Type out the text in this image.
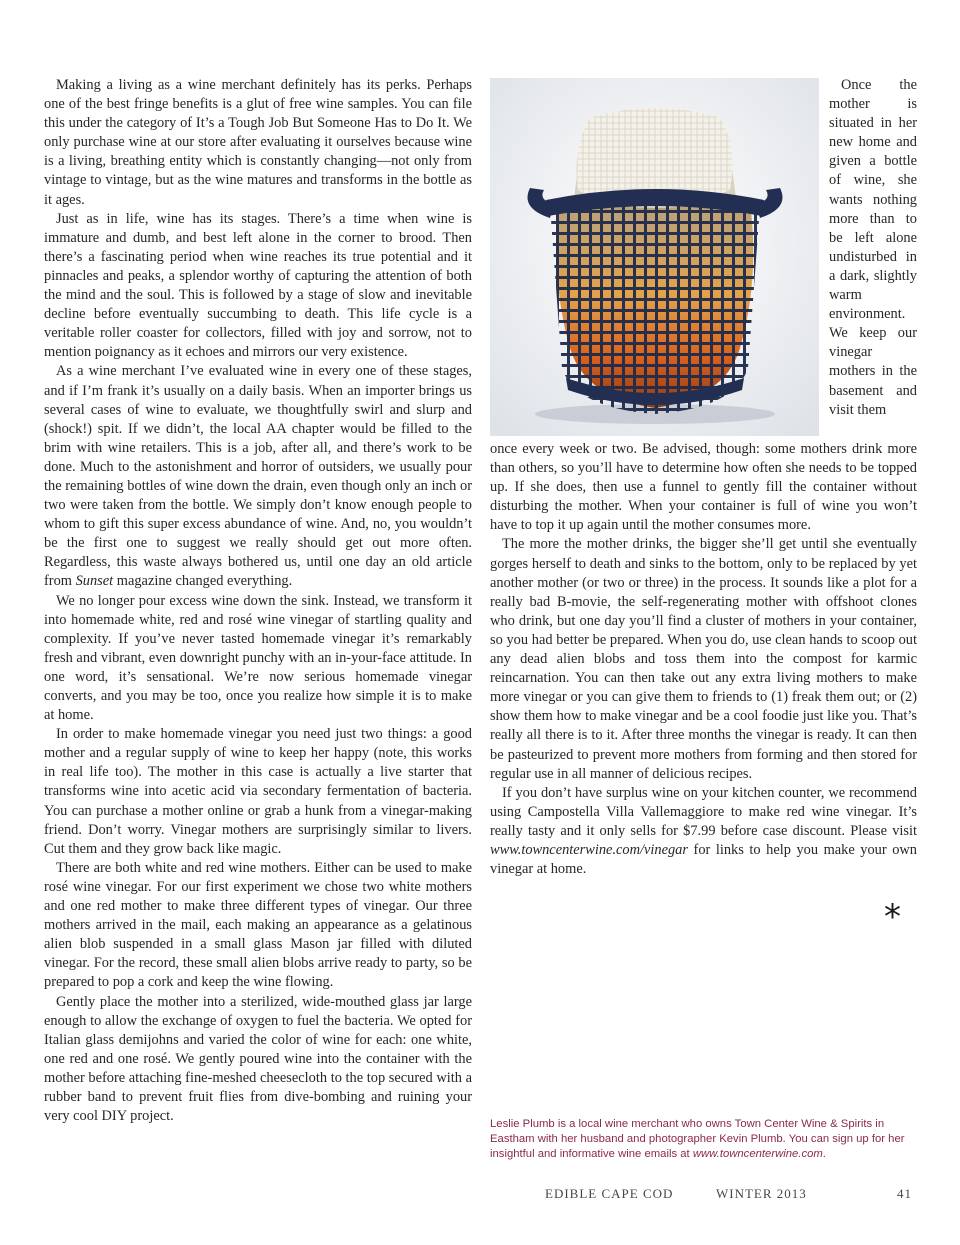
Making a living as a wine merchant definitely has its perks. Perhaps one of the best fringe benefits is a glut of free wine samples. You can file this under the category of It’s a Tough Job But Someone Has to Do It. We only purchase wine at our store after evaluating it ourselves because wine is a living, breathing entity which is constantly changing—not only from vintage to vintage, but as the wine matures and transforms in the bottle as it ages.

Just as in life, wine has its stages. There’s a time when wine is immature and dumb, and best left alone in the corner to brood. Then there’s a fascinating period when wine reaches its true potential and it pinnacles and peaks, a splendor worthy of capturing the attention of both the mind and the soul. This is followed by a stage of slow and inevitable decline before eventually succumbing to death. This life cycle is a veritable roller coaster for collectors, filled with joy and sorrow, not to mention poignancy as it echoes and mirrors our very existence.

As a wine merchant I’ve evaluated wine in every one of these stages, and if I’m frank it’s usually on a daily basis. When an importer brings us several cases of wine to evaluate, we thoughtfully swirl and slurp and (shock!) spit. If we didn’t, the local AA chapter would be filled to the brim with wine retailers. This is a job, after all, and there’s work to be done. Much to the astonishment and horror of outsiders, we usually pour the remaining bottles of wine down the drain, even though only an inch or two were taken from the bottle. We simply don’t know enough people to whom to gift this super excess abundance of wine. And, no, you wouldn’t be the first one to suggest we really should get out more often. Regardless, this waste always bothered us, until one day an old article from Sunset magazine changed everything.

We no longer pour excess wine down the sink. Instead, we transform it into homemade white, red and rosé wine vinegar of startling quality and complexity. If you’ve never tasted homemade vinegar it’s remarkably fresh and vibrant, even downright punchy with an in-your-face attitude. In one word, it’s sensational. We’re now serious homemade vinegar converts, and you may be too, once you realize how simple it is to make at home.

In order to make homemade vinegar you need just two things: a good mother and a regular supply of wine to keep her happy (note, this works in real life too). The mother in this case is actually a live starter that transforms wine into acetic acid via secondary fermentation of bacteria. You can purchase a mother online or grab a hunk from a vinegar-making friend. Don’t worry. Vinegar mothers are surprisingly similar to livers. Cut them and they grow back like magic.

There are both white and red wine mothers. Either can be used to make rosé wine vinegar. For our first experiment we chose two white mothers and one red mother to make three different types of vinegar. Our three mothers arrived in the mail, each making an appearance as a gelatinous alien blob suspended in a small glass Mason jar filled with diluted vinegar. For the record, these small alien blobs arrive ready to party, so be prepared to pop a cork and keep the wine flowing.

Gently place the mother into a sterilized, wide-mouthed glass jar large enough to allow the exchange of oxygen to fuel the bacteria. We opted for Italian glass demijohns and varied the color of wine for each: one white, one red and one rosé. We gently poured wine into the container with the mother before attaching fine-meshed cheesecloth to the top secured with a rubber band to prevent fruit flies from dive-bombing and ruining your very cool DIY project.

Once the mother is situated in her new home and given a bottle of wine, she wants nothing more than to be left alone undisturbed in a dark, slightly warm environment. We keep our vinegar mothers in the basement and visit them

once every week or two. Be advised, though: some mothers drink more than others, so you’ll have to determine how often she needs to be topped up. If she does, then use a funnel to gently fill the container without disturbing the mother. When your container is full of wine you won’t have to top it up again until the mother consumes more.

The more the mother drinks, the bigger she’ll get until she eventually gorges herself to death and sinks to the bottom, only to be replaced by yet another mother (or two or three) in the process. It sounds like a plot for a really bad B-movie, the self-regenerating mother with offshoot clones who drink, but one day you’ll find a cluster of mothers in your container, so you had better be prepared. When you do, use clean hands to scoop out any dead alien blobs and toss them into the compost for karmic reincarnation. You can then take out any extra living mothers to make more vinegar or you can give them to friends to (1) freak them out; or (2) show them how to make vinegar and be a cool foodie just like you. That’s really all there is to it. After three months the vinegar is ready. It can then be pasteurized to prevent more mothers from forming and then stored for regular use in all manner of delicious recipes.

If you don’t have surplus wine on your kitchen counter, we recommend using Campostella Villa Vallemaggiore to make red wine vinegar. It’s really tasty and it only sells for $7.99 before case discount. Please visit www.towncenterwine.com/vinegar for links to help you make your own vinegar at home.

*
Leslie Plumb is a local wine merchant who owns Town Center Wine & Spirits in Eastham with her husband and photographer Kevin Plumb. You can sign up for her insightful and informative wine emails at www.towncenterwine.com.
EDIBLE CAPE COD	WINTER 2013	41
